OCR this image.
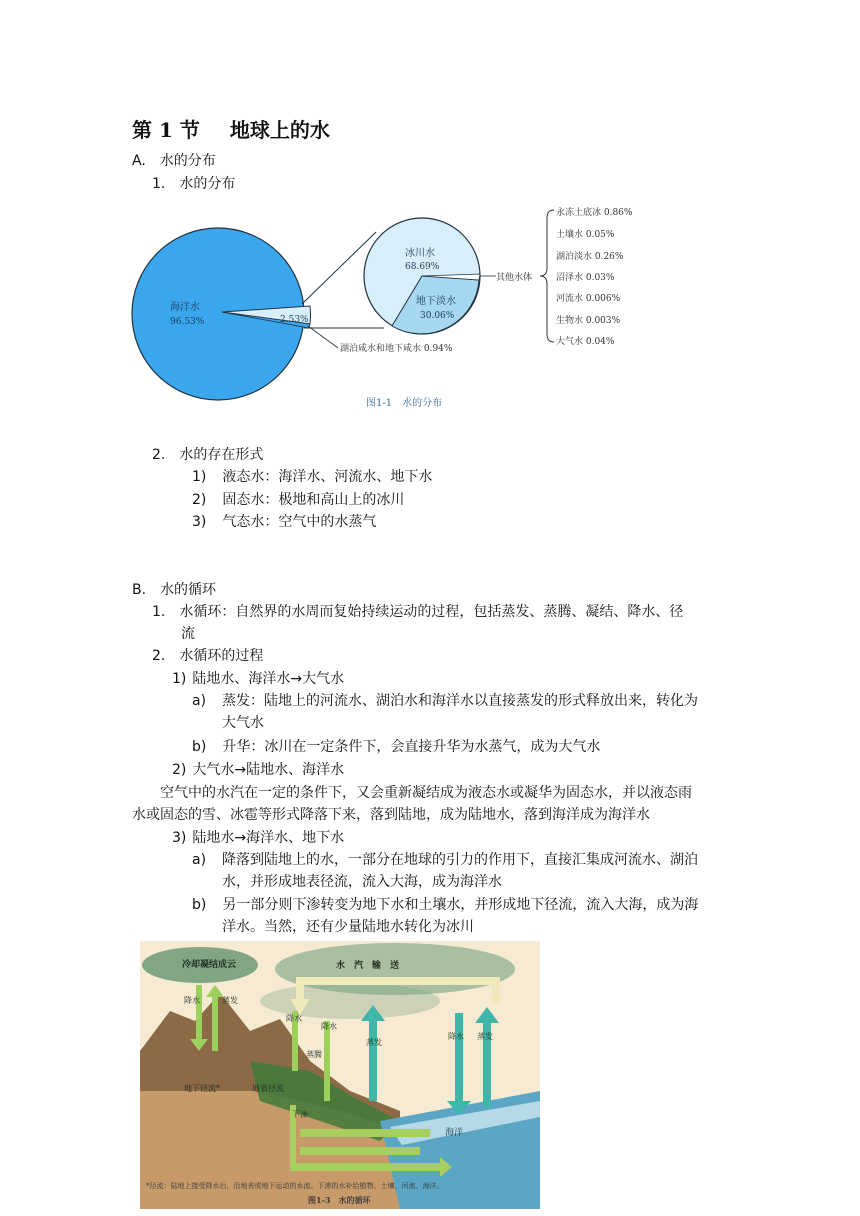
第 1 节 地球上的水
A. 水的分布
1. 水的分布
海洋水
96.53%	2.53%
湖泊咸水和地下咸水 0.94%
冰川水
68.69%
地下淡水
30.06%
其他水体
永冻土底冰 0.86%
土壤水 0.05%
湖泊淡水 0.26%
沼泽水 0.03%
河流水 0.006%
生物水 0.003%
大气水 0.04%
图1-1　水的分布
2. 水的存在形式
1) 液态水：海洋水、河流水、地下水
2) 固态水：极地和高山上的冰川
3) 气态水：空气中的水蒸气
B. 水的循环
1. 水循环：自然界的水周而复始持续运动的过程，包括蒸发、蒸腾、凝结、降水、径
流
2. 水循环的过程
1) 陆地水、海洋水→大气水
a) 蒸发：陆地上的河流水、湖泊水和海洋水以直接蒸发的形式释放出来，转化为
大气水
b) 升华：冰川在一定条件下，会直接升华为水蒸气，成为大气水
2) 大气水→陆地水、海洋水
空气中的水汽在一定的条件下，又会重新凝结成为液态水或凝华为固态水，并以液态雨
水或固态的雪、冰雹等形式降落下来，落到陆地，成为陆地水，落到海洋成为海洋水
3) 陆地水→海洋水、地下水
a) 降落到陆地上的水，一部分在地球的引力的作用下，直接汇集成河流水、湖泊
水，并形成地表径流，流入大海，成为海洋水
b) 另一部分则下渗转变为地下水和土壤水，并形成地下径流，流入大海，成为海
洋水。当然，还有少量陆地水转化为冰川
冷却凝结成云	水　汽　输　送
海洋
降水	蒸发
降水
降水
蒸发
蒸腾
降水 蒸发
地下径流*	地表径流
下渗
*径流：陆地上接受降水后，沿地表或地下运动的水流。下渗的水补给植物、土壤、河流、海洋。
图1-3　水的循环
